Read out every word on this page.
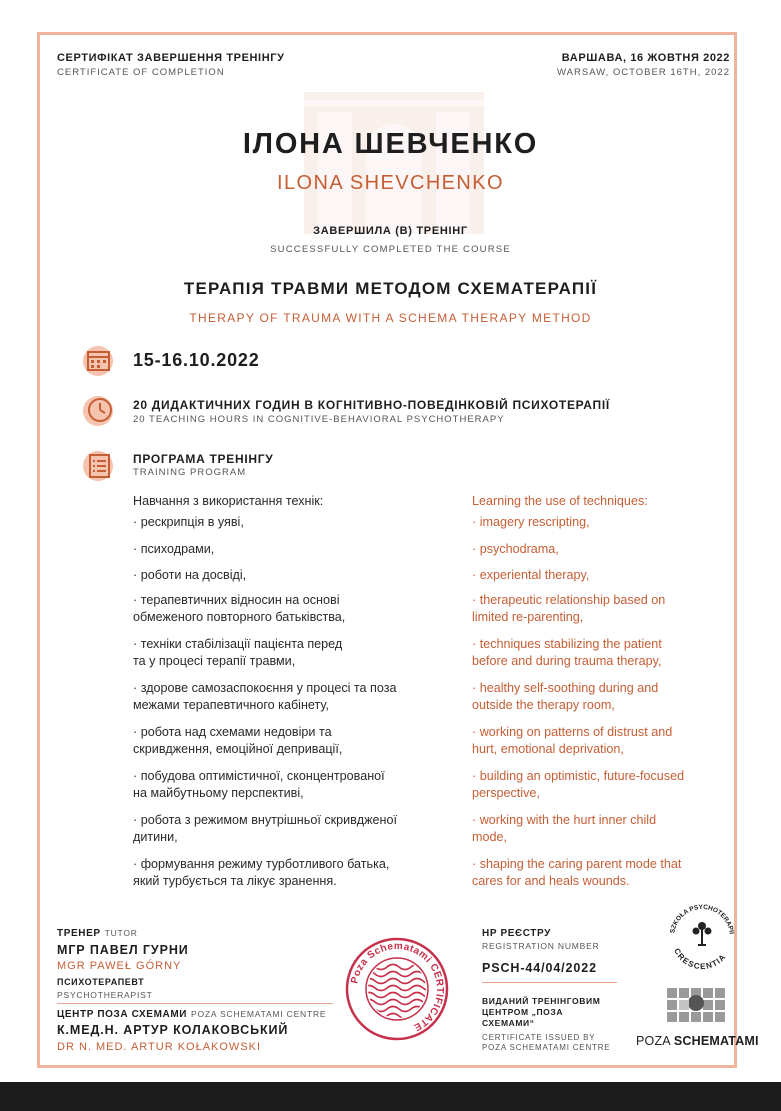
СЕРТИФІКАТ ЗАВЕРШЕННЯ ТРЕНІНГУ
CERTIFICATE OF COMPLETION
ВАРШАВА, 16 ЖОВТНЯ 2022
WARSAW, OCTOBER 16TH, 2022
ІЛОНА ШЕВЧЕНКО
ILONA SHEVCHENKO
ЗАВЕРШИЛА (В) ТРЕНІНГ
SUCCESSFULLY COMPLETED THE COURSE
ТЕРАПІЯ ТРАВМИ МЕТОДОМ СХЕМАТЕРАПІЇ
THERAPY OF TRAUMA WITH A SCHEMA THERAPY METHOD
15-16.10.2022
20 ДИДАКТИЧНИХ ГОДИН В КОГНІТИВНО-ПОВЕДІНКОВІЙ ПСИХОТЕРАПІЇ
20 TEACHING HOURS IN COGNITIVE-BEHAVIORAL PSYCHOTHERAPY
ПРОГРАМА ТРЕНІНГУ
TRAINING PROGRAM
Навчання з використання технік:
· рескрипція в уяві,
· психодрами,
· роботи на досвіді,
· терапевтичних відносин на основі
обмеженого повторного батьківства,
· техніки стабілізації пацієнта перед
та у процесі терапії травми,
· здорове самозаспокоєння у процесі та поза
межами терапевтичного кабінету,
· робота над схемами недовіри та
скривдження, емоційної депривації,
· побудова оптимістичної, сконцентрованої
на майбутньому перспективі,
· робота з режимом внутрішньої скривдженої
дитини,
· формування режиму турботливого батька,
який турбується та лікує зранення.
Learning the use of techniques:
· imagery rescripting,
· psychodrama,
· experiental therapy,
· therapeutic relationship based on
limited re-parenting,
· techniques stabilizing the patient
before and during trauma therapy,
· healthy self-soothing during and
outside the therapy room,
· working on patterns of distrust and
hurt, emotional deprivation,
· building an optimistic, future-focused
perspective,
· working with the hurt inner child
mode,
· shaping the caring parent mode that
cares for and heals wounds.
ТРЕНЕР TUTOR
МГР ПАВЕЛ ГУРНИ
MGR PAWEŁ GÓRNY
ПСИХОТЕРАПЕВТ
PSYCHOTHERAPIST
ЦЕНТР ПОЗА СХЕМАМИ POZA SCHEMATAMI CENTRE
К.МЕД.Н. АРТУР КОЛАКОВСЬКИЙ
DR N. MED. ARTUR KOŁAKOWSKI
Poza Schematami CERTIFICATE
НР РЕЄСТРУ
REGISTRATION NUMBER
PSCH-44/04/2022
ВИДАНИЙ ТРЕНІНГОВИМ
ЦЕНТРОМ „ПОЗА
СХЕМАМИ“
CERTIFICATE ISSUED BY
POZA SCHEMATAMI CENTRE
SZKOŁA PSYCHOTERAPII
CRESCENTIA
POZA SCHEMATAMI
